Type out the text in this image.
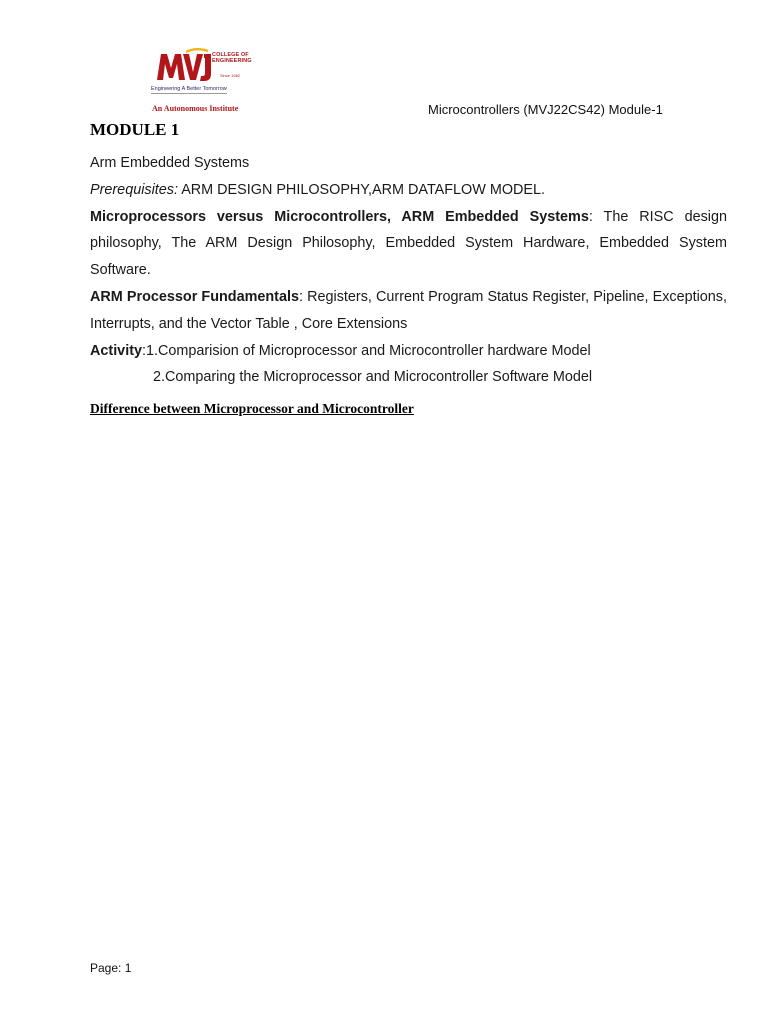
COLLEGE OF
ENGINEERING
Since 1982
Engineering A Better Tomorrow
An Autonomous Institute	Microcontrollers (MVJ22CS42) Module-1
MODULE 1

Arm Embedded Systems

Prerequisites: ARM DESIGN PHILOSOPHY,ARM DATAFLOW MODEL.

Microprocessors versus Microcontrollers, ARM Embedded Systems: The RISC design philosophy, The ARM Design Philosophy, Embedded System Hardware, Embedded System Software.

ARM Processor Fundamentals: Registers, Current Program Status Register, Pipeline, Exceptions, Interrupts, and the Vector Table , Core Extensions

Activity:1.Comparision of Microprocessor and Microcontroller hardware Model

2.Comparing the Microprocessor and Microcontroller Software Model

Difference between Microprocessor and Microcontroller
Page: 1
